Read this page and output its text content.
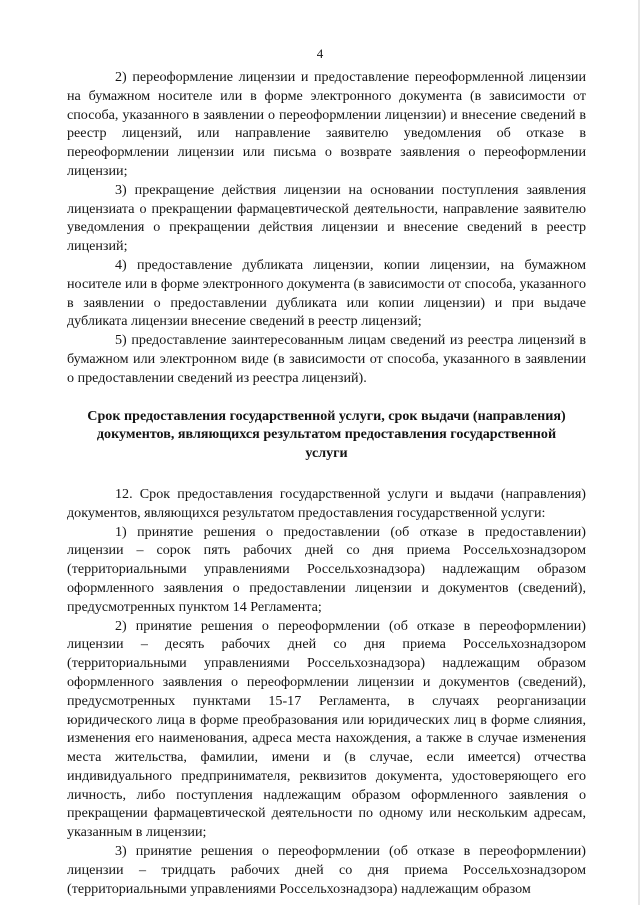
4

2) переоформление лицензии и предоставление переоформленной лицензии на бумажном носителе или в форме электронного документа (в зависимости от способа, указанного в заявлении о переоформлении лицензии) и внесение сведений в реестр лицензий, или направление заявителю уведомления об отказе в переоформлении лицензии или письма о возврате заявления о переоформлении лицензии;

3) прекращение действия лицензии на основании поступления заявления лицензиата о прекращении фармацевтической деятельности, направление заявителю уведомления о прекращении действия лицензии и внесение сведений в реестр лицензий;

4) предоставление дубликата лицензии, копии лицензии, на бумажном носителе или в форме электронного документа (в зависимости от способа, указанного в заявлении о предоставлении дубликата или копии лицензии) и при выдаче дубликата лицензии внесение сведений в реестр лицензий;

5) предоставление заинтересованным лицам сведений из реестра лицензий в бумажном или электронном виде (в зависимости от способа, указанного в заявлении о предоставлении сведений из реестра лицензий).

Срок предоставления государственной услуги, срок выдачи (направления) документов, являющихся результатом предоставления государственной услуги

12. Срок предоставления государственной услуги и выдачи (направления) документов, являющихся результатом предоставления государственной услуги:

1) принятие решения о предоставлении (об отказе в предоставлении) лицензии – сорок пять рабочих дней со дня приема Россельхознадзором (территориальными управлениями Россельхознадзора) надлежащим образом оформленного заявления о предоставлении лицензии и документов (сведений), предусмотренных пунктом 14 Регламента;

2) принятие решения о переоформлении (об отказе в переоформлении) лицензии – десять рабочих дней со дня приема Россельхознадзором (территориальными управлениями Россельхознадзора) надлежащим образом оформленного заявления о переоформлении лицензии и документов (сведений), предусмотренных пунктами 15-17 Регламента, в случаях реорганизации юридического лица в форме преобразования или юридических лиц в форме слияния, изменения его наименования, адреса места нахождения, а также в случае изменения места жительства, фамилии, имени и (в случае, если имеется) отчества индивидуального предпринимателя, реквизитов документа, удостоверяющего его личность, либо поступления надлежащим образом оформленного заявления о прекращении фармацевтической деятельности по одному или нескольким адресам, указанным в лицензии;

3) принятие решения о переоформлении (об отказе в переоформлении) лицензии – тридцать рабочих дней со дня приема Россельхознадзором (территориальными управлениями Россельхознадзора) надлежащим образом
